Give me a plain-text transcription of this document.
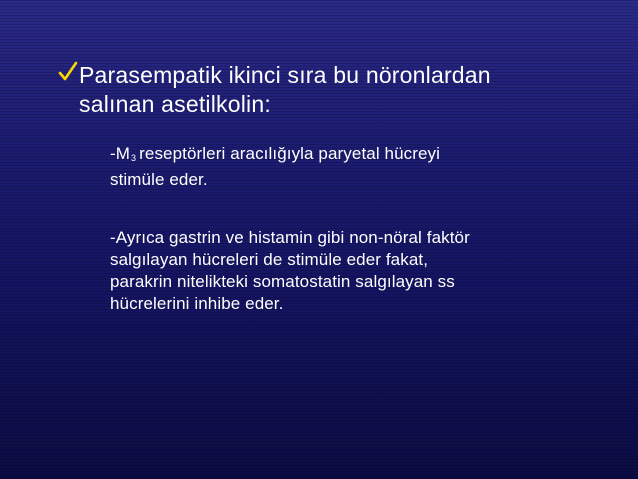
Parasempatik ikinci sıra bu nöronlardan
salınan asetilkolin:
-M3 reseptörleri aracılığıyla paryetal hücreyi
stimüle eder.
-Ayrıca gastrin ve histamin gibi non-nöral faktör
salgılayan hücreleri de stimüle eder fakat,
parakrin nitelikteki somatostatin salgılayan ss
hücrelerini inhibe eder.
